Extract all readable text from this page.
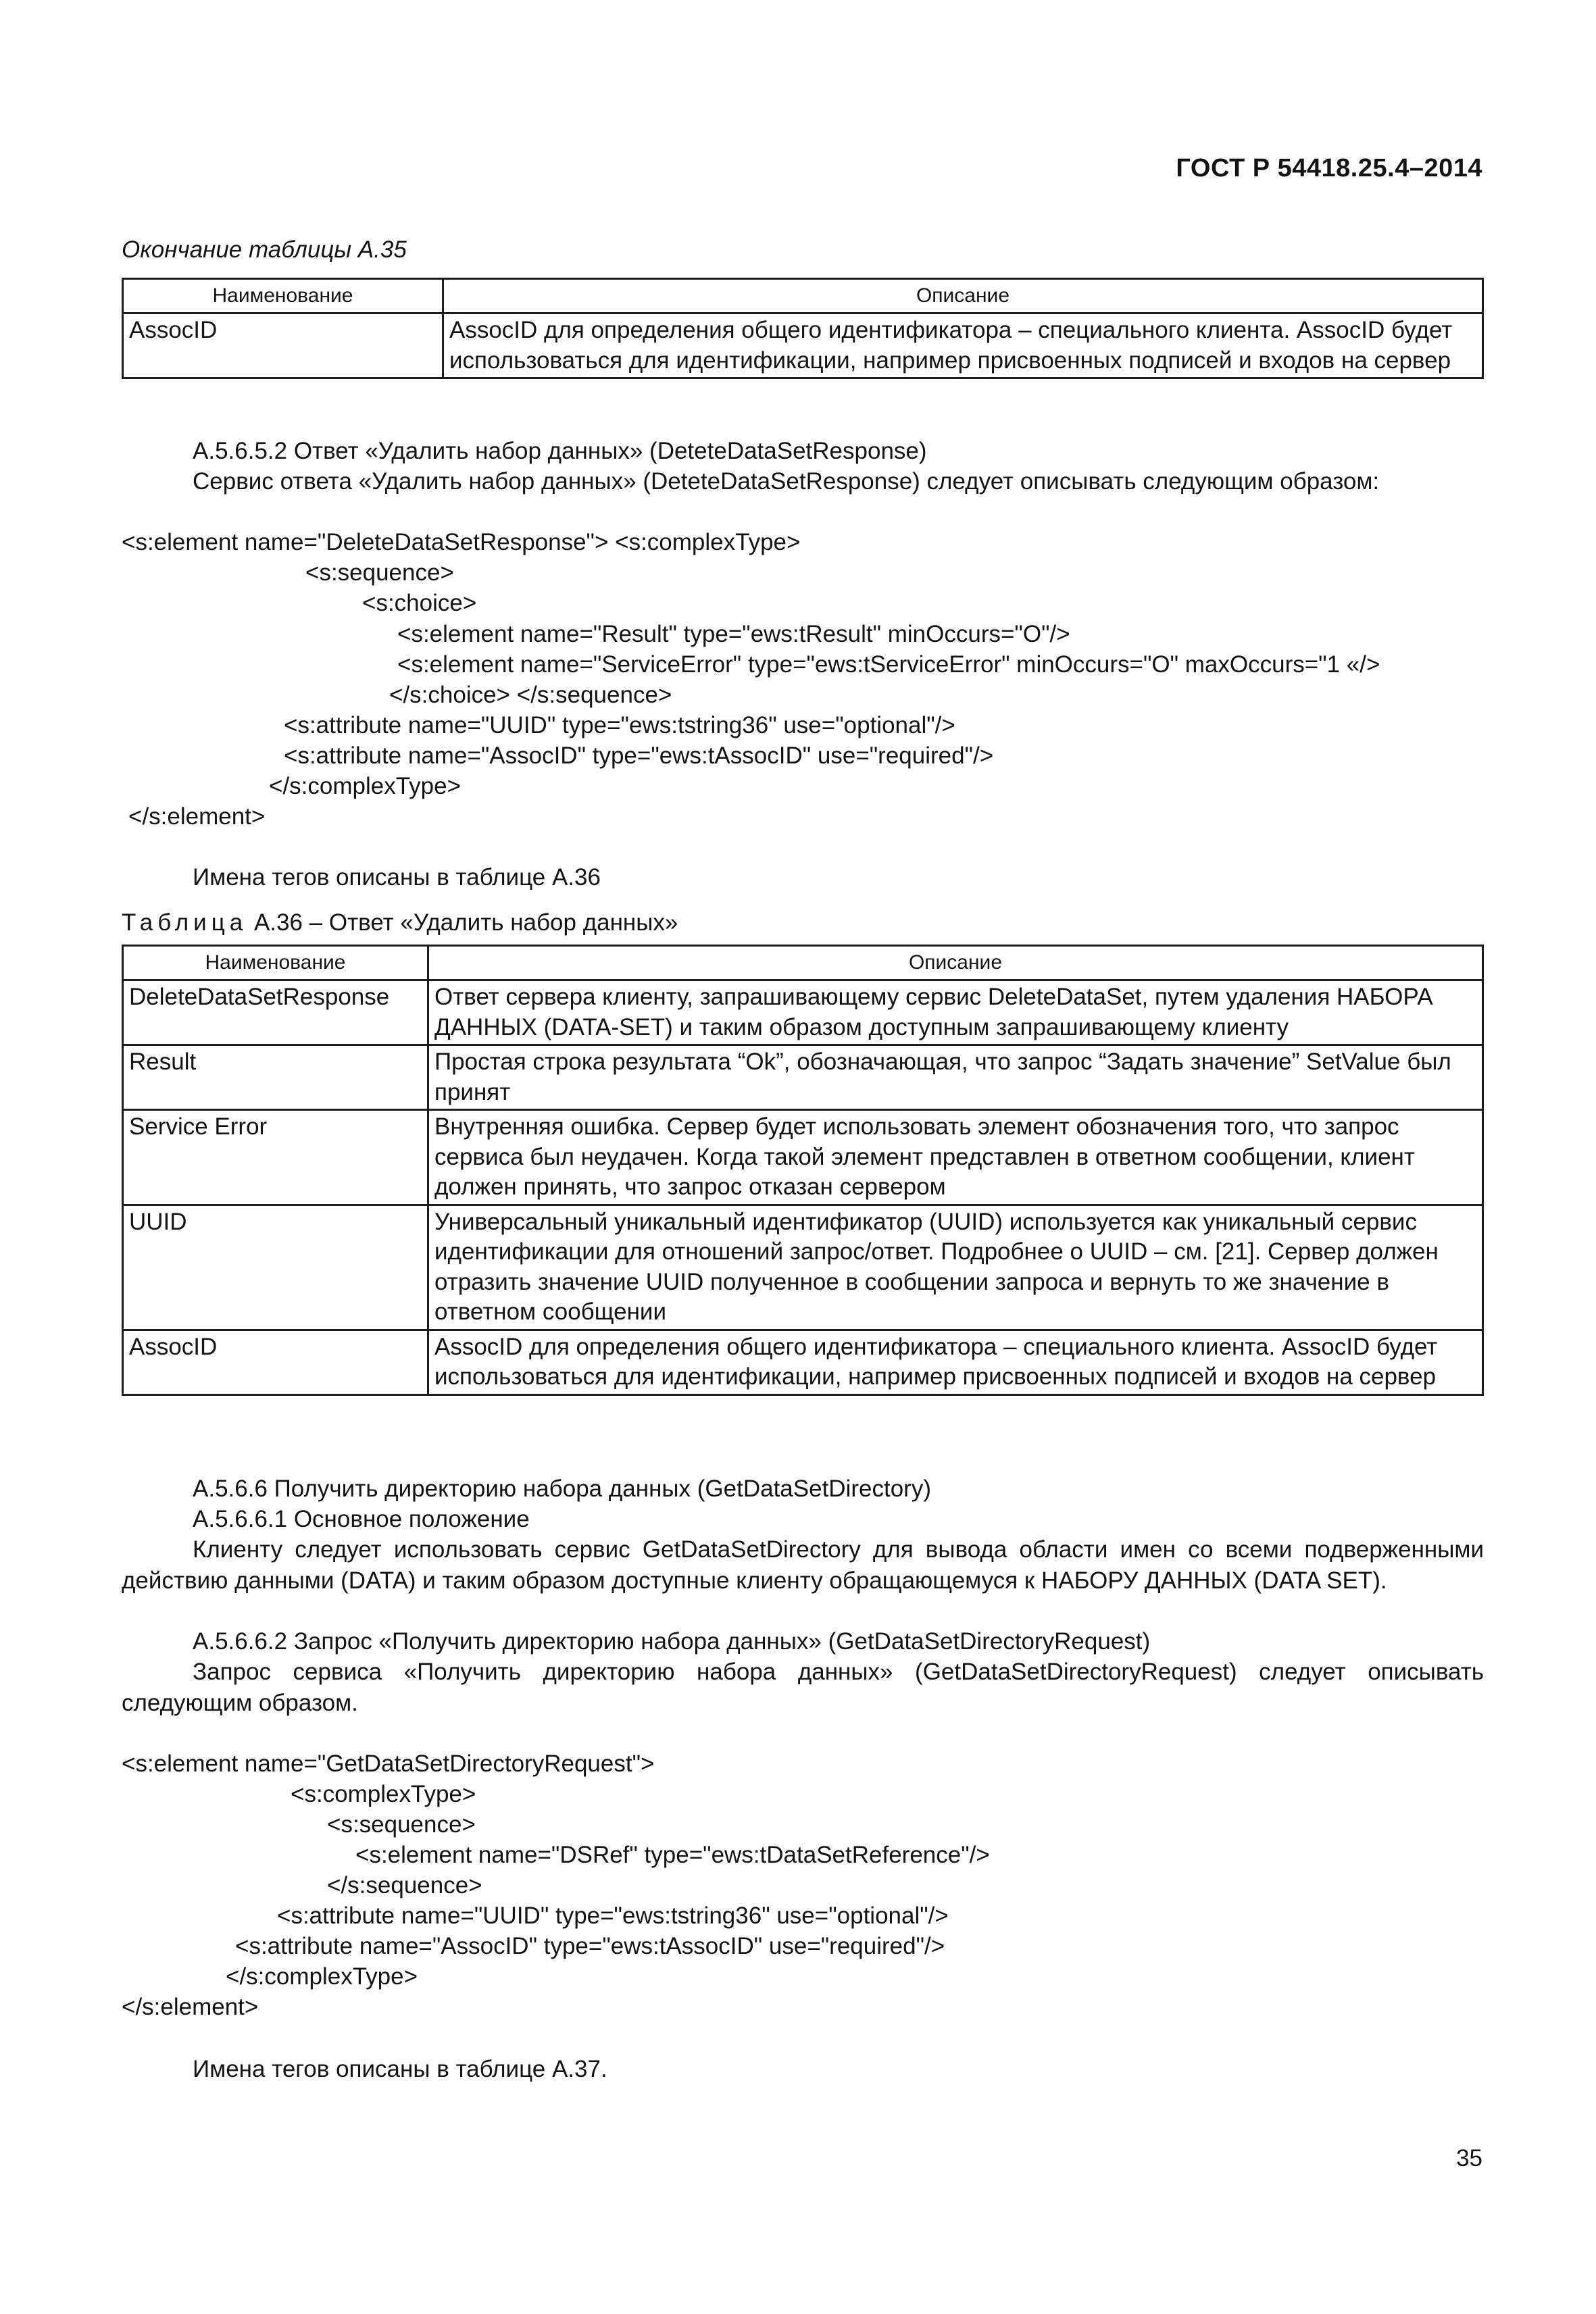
ГОСТ Р 54418.25.4–2014
Окончание таблицы А.35
Наименование	Описание
AssocID	AssocID для определения общего идентификатора – специального клиента. AssocID будет использоваться для идентификации, например присвоенных подписей и входов на сервер
А.5.6.5.2 Ответ «Удалить набор данных» (DeteteDataSetResponse)
Сервис ответа «Удалить набор данных» (DeteteDataSetResponse) следует описывать следующим образом:
<s:element name="DeleteDataSetResponse"> <s:complexType>
<s:sequence>
<s:choice>
<s:element name="Result" type="ews:tResult" minOccurs="O"/>
<s:element name="ServiceError" type="ews:tServiceError" minOccurs="O" maxOccurs="1 «/>
</s:choice> </s:sequence>
<s:attribute name="UUID" type="ews:tstring36" use="optional"/>
<s:attribute name="AssocID" type="ews:tAssocID" use="required"/>
</s:complexType>
</s:element>
Имена тегов описаны в таблице А.36
Таблица А.36 – Ответ «Удалить набор данных»
Наименование	Описание
DeleteDataSetResponse	Ответ сервера клиенту, запрашивающему сервис DeleteDataSet, путем удаления НАБОРА ДАННЫХ (DATA-SET) и таким образом доступным запрашивающему клиенту
Result	Простая строка результата “Ok”, обозначающая, что запрос “Задать значение” SetValue был принят
Service Error	Внутренняя ошибка. Сервер будет использовать элемент обозначения того, что запрос сервиса был неудачен. Когда такой элемент представлен в ответном сообщении, клиент должен принять, что запрос отказан сервером
UUID	Универсальный уникальный идентификатор (UUID) используется как уникальный сервис идентификации для отношений запрос/ответ. Подробнее о UUID – см. [21]. Сервер должен отразить значение UUID полученное в сообщении запроса и вернуть то же значение в ответном сообщении
AssocID	AssocID для определения общего идентификатора – специального клиента. AssocID будет использоваться для идентификации, например присвоенных подписей и входов на сервер
А.5.6.6 Получить директорию набора данных (GetDataSetDirectory)
А.5.6.6.1 Основное положение
Клиенту следует использовать сервис GetDataSetDirectory для вывода области имен со всеми подверженными действию данными (DATA) и таким образом доступные клиенту обращающемуся к НАБОРУ ДАННЫХ (DATA SET).
А.5.6.6.2 Запрос «Получить директорию набора данных» (GetDataSetDirectoryRequest)
Запрос сервиса «Получить директорию набора данных» (GetDataSetDirectoryRequest) следует описывать следующим образом.
<s:element name="GetDataSetDirectoryRequest">
<s:complexType>
<s:sequence>
<s:element name="DSRef" type="ews:tDataSetReference"/>
</s:sequence>
<s:attribute name="UUID" type="ews:tstring36" use="optional"/>
<s:attribute name="AssocID" type="ews:tAssocID" use="required"/>
</s:complexType>
</s:element>
Имена тегов описаны в таблице А.37.
35
